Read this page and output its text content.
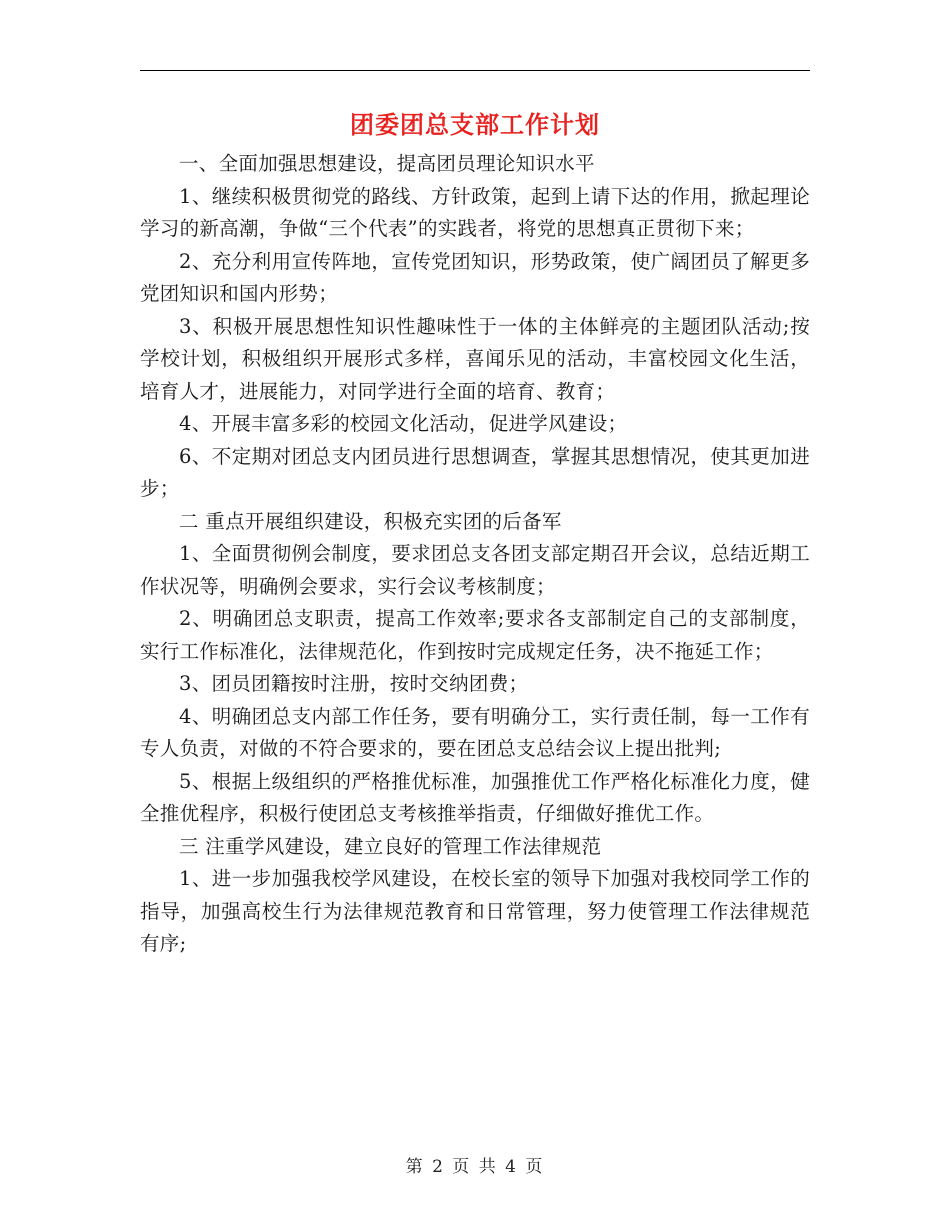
团委团总支部工作计划

一、全面加强思想建设，提高团员理论知识水平

1、继续积极贯彻党的路线、方针政策，起到上请下达的作用，掀起理论学习的新高潮，争做“三个代表”的实践者，将党的思想真正贯彻下来；

2、充分利用宣传阵地，宣传党团知识，形势政策，使广阔团员了解更多党团知识和国内形势；

3、积极开展思想性知识性趣味性于一体的主体鲜亮的主题团队活动;按学校计划，积极组织开展形式多样，喜闻乐见的活动，丰富校园文化生活，培育人才，进展能力，对同学进行全面的培育、教育；

4、开展丰富多彩的校园文化活动，促进学风建设；

6、不定期对团总支内团员进行思想调查，掌握其思想情况，使其更加进步；

二 重点开展组织建设，积极充实团的后备军

1、全面贯彻例会制度，要求团总支各团支部定期召开会议，总结近期工作状况等，明确例会要求，实行会议考核制度；

2、明确团总支职责，提高工作效率;要求各支部制定自己的支部制度，实行工作标准化，法律规范化，作到按时完成规定任务，决不拖延工作；

3、团员团籍按时注册，按时交纳团费；

4、明确团总支内部工作任务，要有明确分工，实行责任制，每一工作有专人负责，对做的不符合要求的，要在团总支总结会议上提出批判;

5、根据上级组织的严格推优标准，加强推优工作严格化标准化力度，健全推优程序，积极行使团总支考核推举指责，仔细做好推优工作。

三 注重学风建设，建立良好的管理工作法律规范

1、进一步加强我校学风建设，在校长室的领导下加强对我校同学工作的指导，加强高校生行为法律规范教育和日常管理，努力使管理工作法律规范有序;

第 2 页 共 4 页
